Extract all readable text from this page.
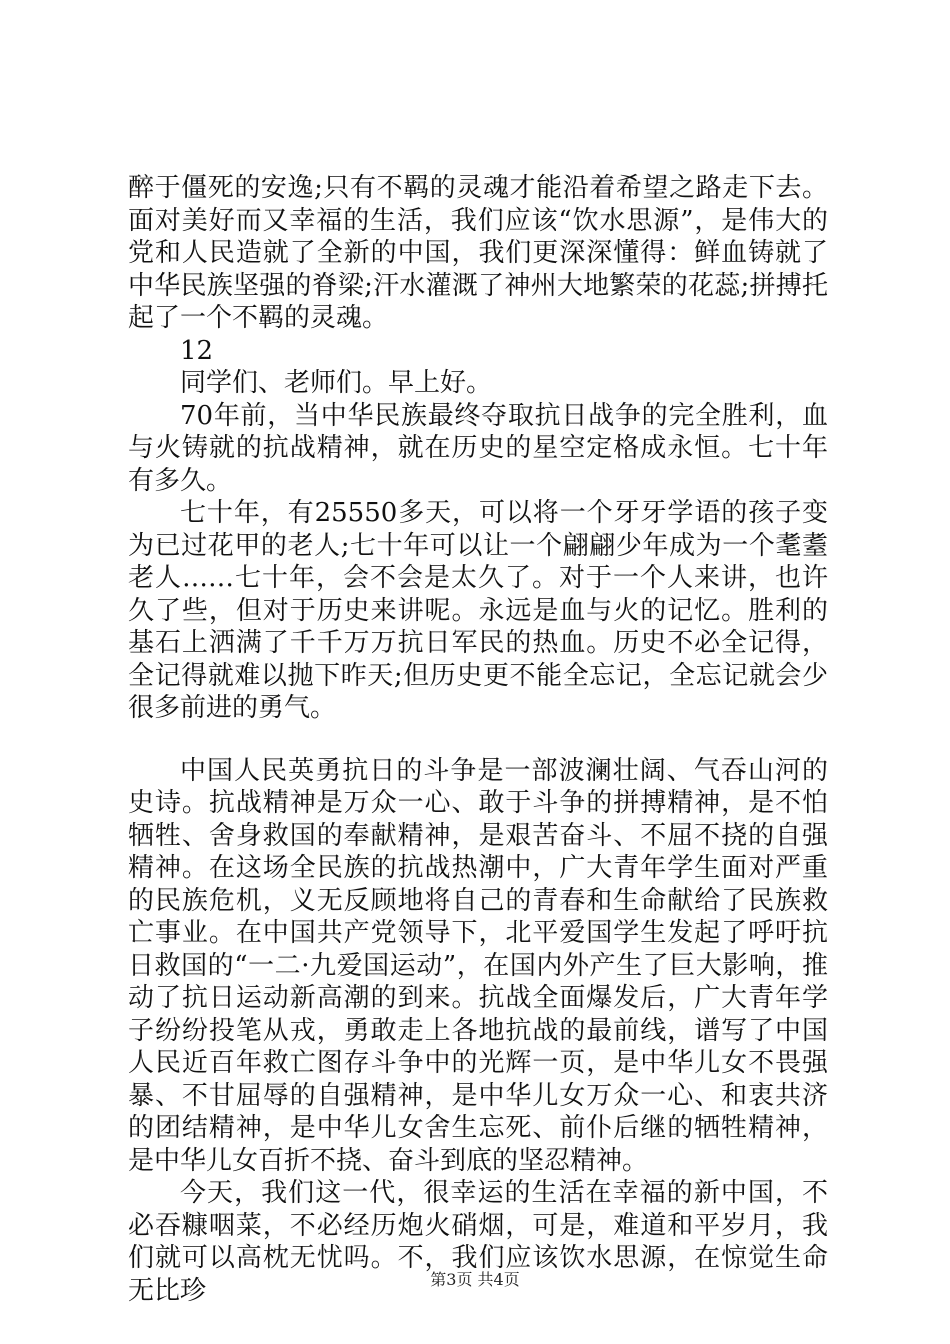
醉于僵死的安逸;只有不羁的灵魂才能沿着希望之路走下去。面对美好而又幸福的生活，我们应该“饮水思源”，是伟大的党和人民造就了全新的中国，我们更深深懂得：鲜血铸就了中华民族坚强的脊梁;汗水灌溉了神州大地繁荣的花蕊;拼搏托起了一个不羁的灵魂。

12

同学们、老师们。早上好。

70年前，当中华民族最终夺取抗日战争的完全胜利，血与火铸就的抗战精神，就在历史的星空定格成永恒。七十年有多久。

七十年，有25550多天，可以将一个牙牙学语的孩子变为已过花甲的老人;七十年可以让一个翩翩少年成为一个耄耋老人……七十年，会不会是太久了。对于一个人来讲，也许久了些，但对于历史来讲呢。永远是血与火的记忆。胜利的基石上洒满了千千万万抗日军民的热血。历史不必全记得，全记得就难以抛下昨天;但历史更不能全忘记，全忘记就会少很多前进的勇气。

中国人民英勇抗日的斗争是一部波澜壮阔、气吞山河的史诗。抗战精神是万众一心、敢于斗争的拼搏精神，是不怕牺牲、舍身救国的奉献精神，是艰苦奋斗、不屈不挠的自强精神。在这场全民族的抗战热潮中，广大青年学生面对严重的民族危机，义无反顾地将自己的青春和生命献给了民族救亡事业。在中国共产党领导下，北平爱国学生发起了呼吁抗日救国的“一二·九爱国运动”，在国内外产生了巨大影响，推动了抗日运动新高潮的到来。抗战全面爆发后，广大青年学子纷纷投笔从戎，勇敢走上各地抗战的最前线，谱写了中国人民近百年救亡图存斗争中的光辉一页，是中华儿女不畏强暴、不甘屈辱的自强精神，是中华儿女万众一心、和衷共济的团结精神，是中华儿女舍生忘死、前仆后继的牺牲精神，是中华儿女百折不挠、奋斗到底的坚忍精神。

今天，我们这一代，很幸运的生活在幸福的新中国，不必吞糠咽菜，不必经历炮火硝烟，可是，难道和平岁月，我们就可以高枕无忧吗。不，我们应该饮水思源，在惊觉生命无比珍	第3页 共4页
